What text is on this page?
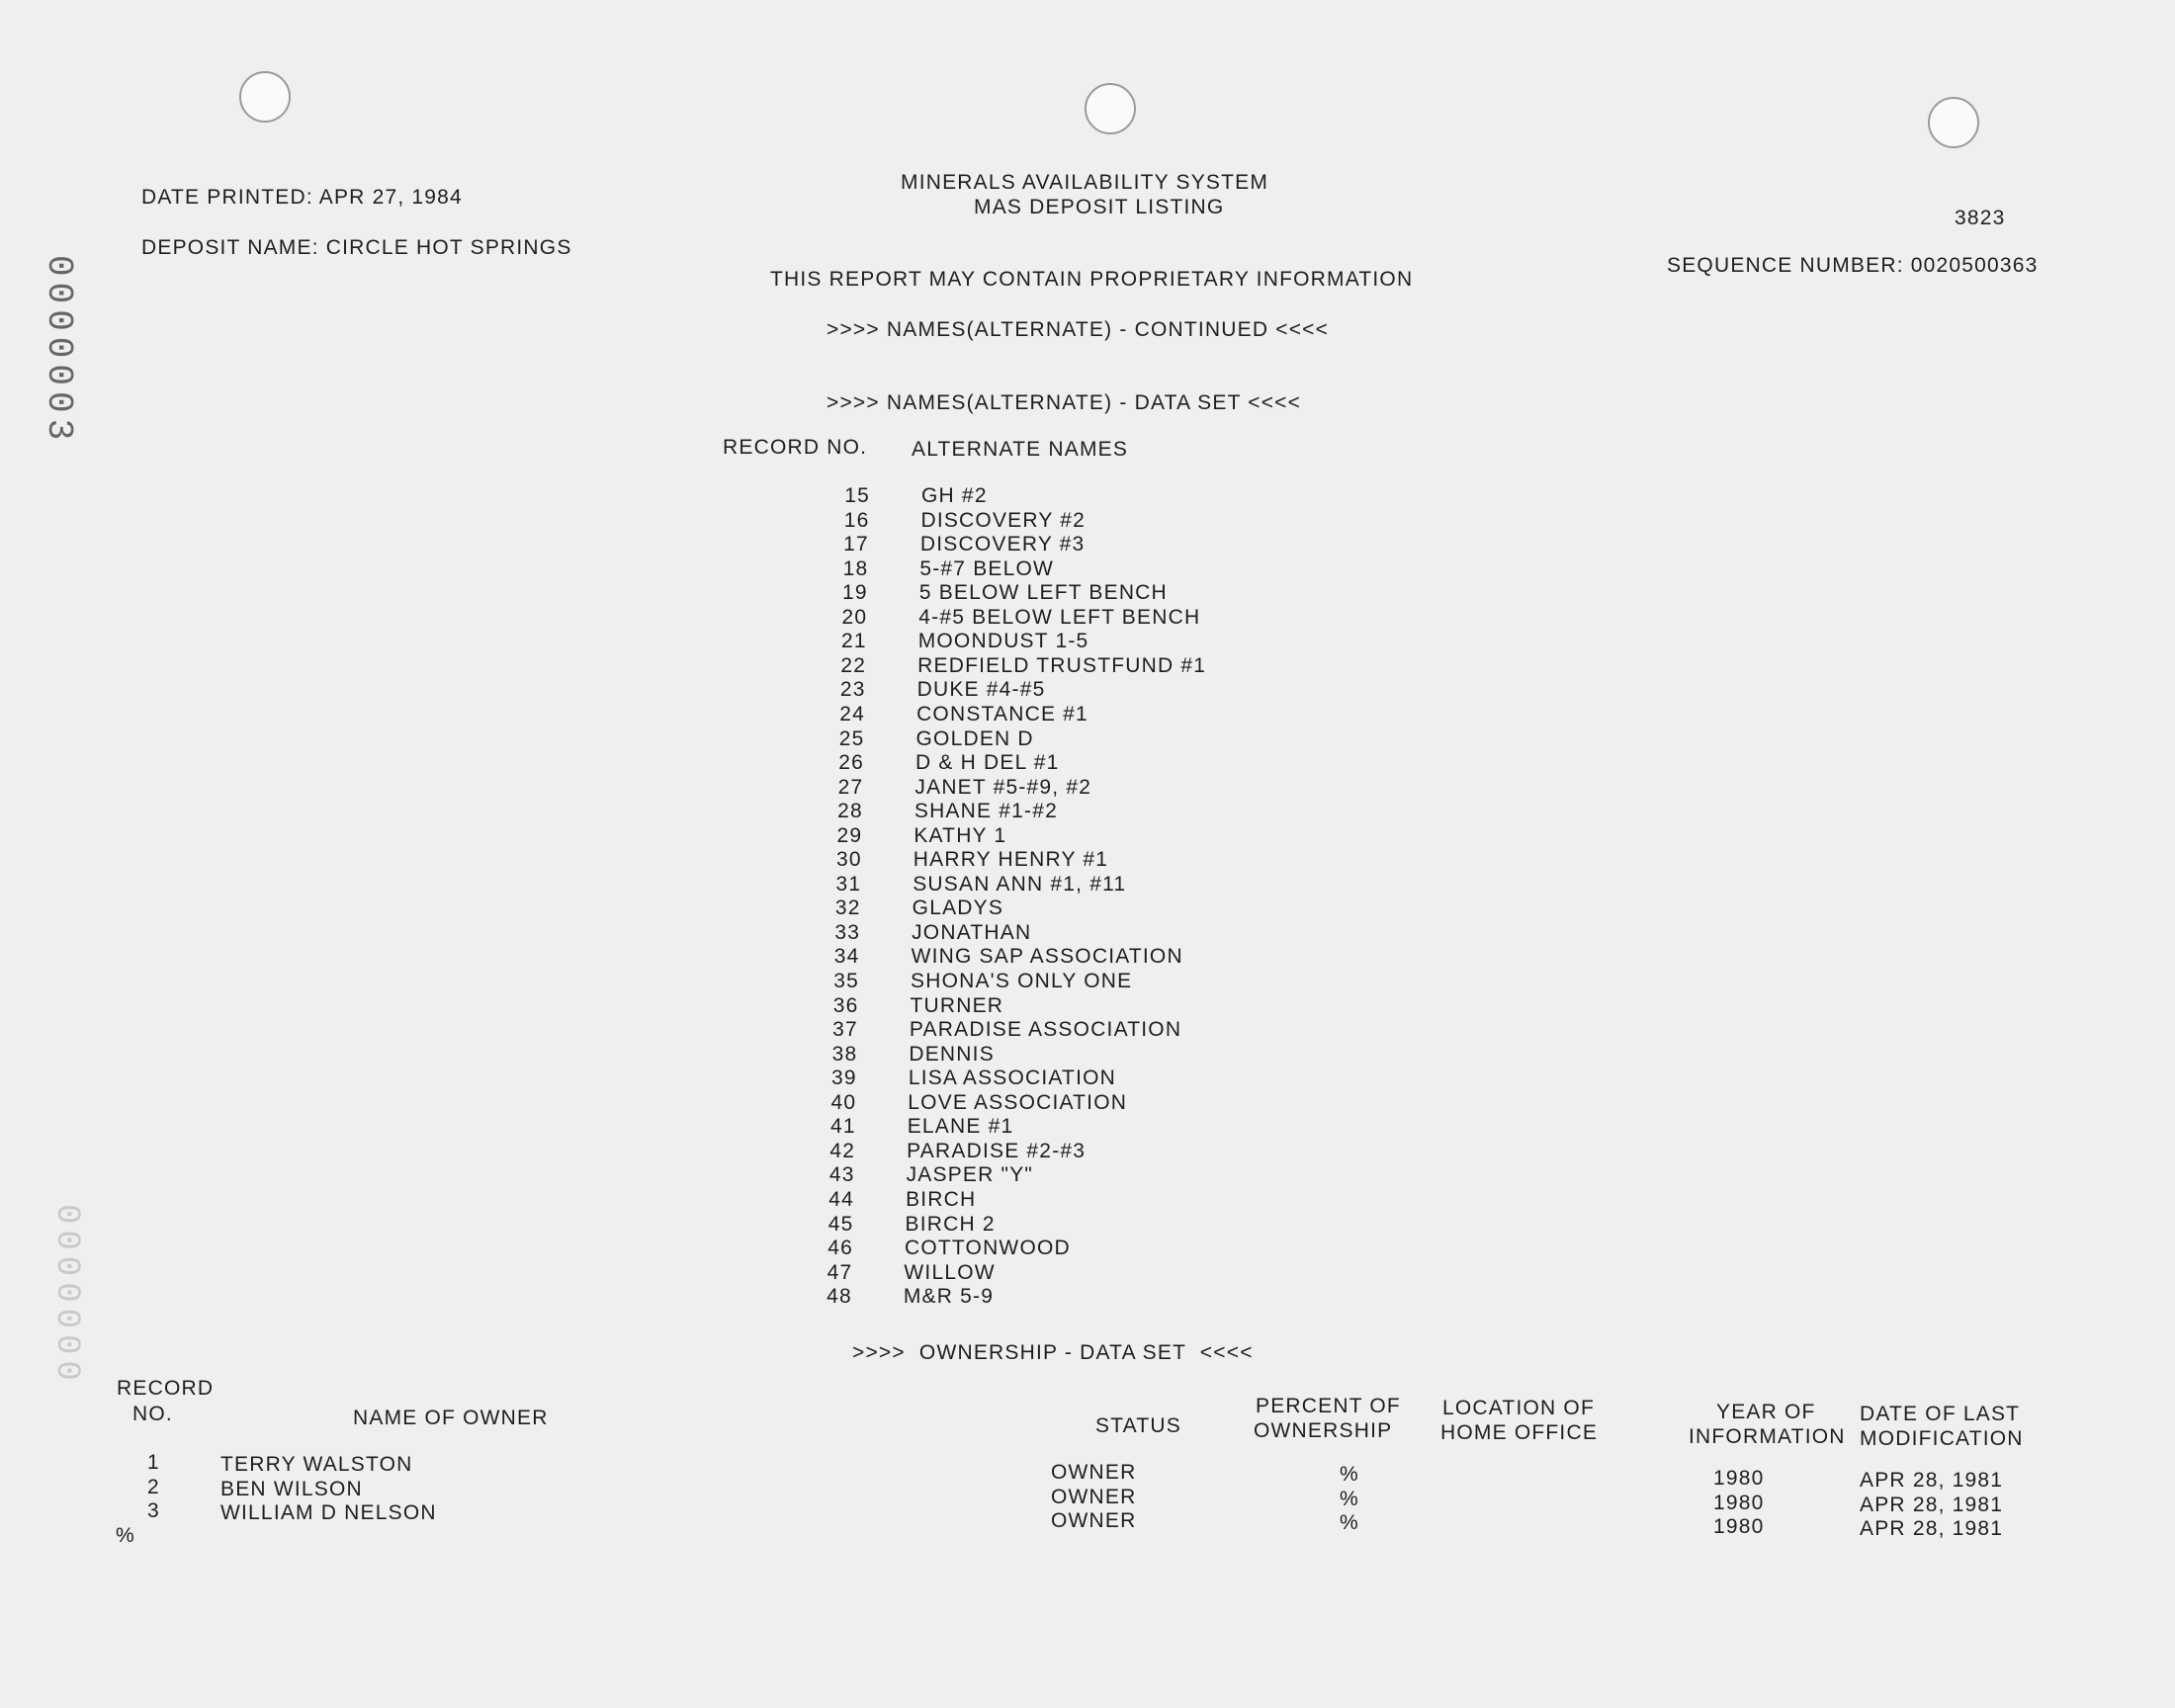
0000003
0000000
DATE PRINTED: APR 27, 1984
DEPOSIT NAME: CIRCLE HOT SPRINGS
MINERALS AVAILABILITY SYSTEM
MAS DEPOSIT LISTING	3823
SEQUENCE NUMBER: 0020500363
THIS REPORT MAY CONTAIN PROPRIETARY INFORMATION
>>>> NAMES(ALTERNATE) - CONTINUED <<<<
>>>> NAMES(ALTERNATE) - DATA SET <<<<
RECORD NO. ALTERNATE NAMES
15 GH #2
16 DISCOVERY #2
17 DISCOVERY #3
18 5-#7 BELOW
19 5 BELOW LEFT BENCH
20 4-#5 BELOW LEFT BENCH
21 MOONDUST 1-5
22 REDFIELD TRUSTFUND #1
23 DUKE #4-#5
24 CONSTANCE #1
25 GOLDEN D
26 D & H DEL #1
27 JANET #5-#9, #2
28 SHANE #1-#2
29 KATHY 1
30 HARRY HENRY #1
31 SUSAN ANN #1, #11
32 GLADYS
33 JONATHAN
34 WING SAP ASSOCIATION
35 SHONA'S ONLY ONE
36 TURNER
37 PARADISE ASSOCIATION
38 DENNIS
39 LISA ASSOCIATION
40 LOVE ASSOCIATION
41 ELANE #1
42 PARADISE #2-#3
43 JASPER "Y"
44 BIRCH
45 BIRCH 2
46 COTTONWOOD
47 WILLOW
48 M&R 5-9
>>>>  OWNERSHIP - DATA SET  <<<<
RECORD
NO.	NAME OF OWNER	STATUS
PERCENT OF
OWNERSHIP
LOCATION OF
HOME OFFICE
YEAR OF
INFORMATION
DATE OF LAST
MODIFICATION
1	TERRY WALSTON	OWNER	%	1980	APR 28, 1981
2	BEN WILSON	OWNER	%	1980	APR 28, 1981
3	WILLIAM D NELSON	OWNER	%	1980	APR 28, 1981
%
